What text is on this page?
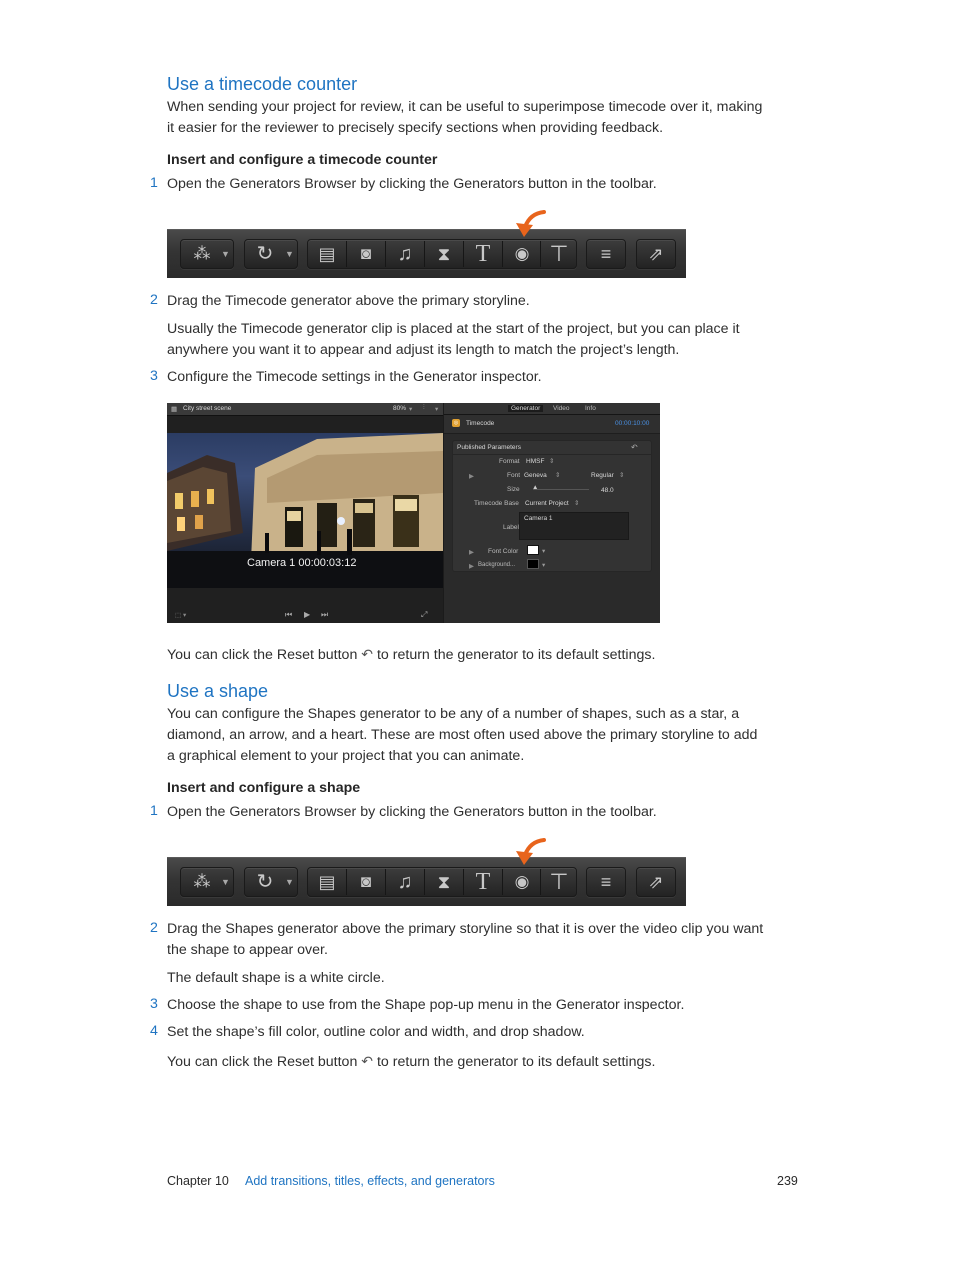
Use a timecode counter
When sending your project for review, it can be useful to superimpose timecode over it, making
it easier for the reviewer to precisely specify sections when providing feedback.
Insert and configure a timecode counter
1 Open the Generators Browser by clicking the Generators button in the toolbar.
⁂	▼	↻	▼	▤	◙	♫	⧗	T	◉ ⊤	≡	⇗
2 Drag the Timecode generator above the primary storyline.
Usually the Timecode generator clip is placed at the start of the project, but you can place it
anywhere you want it to appear and adjust its length to match the project’s length.
3 Configure the Timecode settings in the Generator inspector.
▦ City street scene	80% ▾ ⫶ ▾
Camera 1 00:00:03:12
⬚ ▾	⏮ ▶ ⏭	⤢
Generator	Video Info
◎ Timecode	00:00:10:00
Published Parameters	↶
Format HMSF ⇕
▶	Font Geneva ⇕	Regular ⇕
Size ▲	48.0
Timecode Base Current Project ⇕
Label
Camera 1
▶ Font Color	▾
▶ Background...	▾
You can click the Reset button ↶ to return the generator to its default settings.
Use a shape
You can configure the Shapes generator to be any of a number of shapes, such as a star, a
diamond, an arrow, and a heart. These are most often used above the primary storyline to add
a graphical element to your project that you can animate.
Insert and configure a shape
1 Open the Generators Browser by clicking the Generators button in the toolbar.
⁂	▼	↻	▼	▤	◙	♫	⧗	T	◉ ⊤	≡	⇗
2 Drag the Shapes generator above the primary storyline so that it is over the video clip you want
the shape to appear over.
The default shape is a white circle.
3 Choose the shape to use from the Shape pop-up menu in the Generator inspector.
4 Set the shape’s fill color, outline color and width, and drop shadow.
You can click the Reset button ↶ to return the generator to its default settings.
Chapter 10 Add transitions, titles, effects, and generators	239
